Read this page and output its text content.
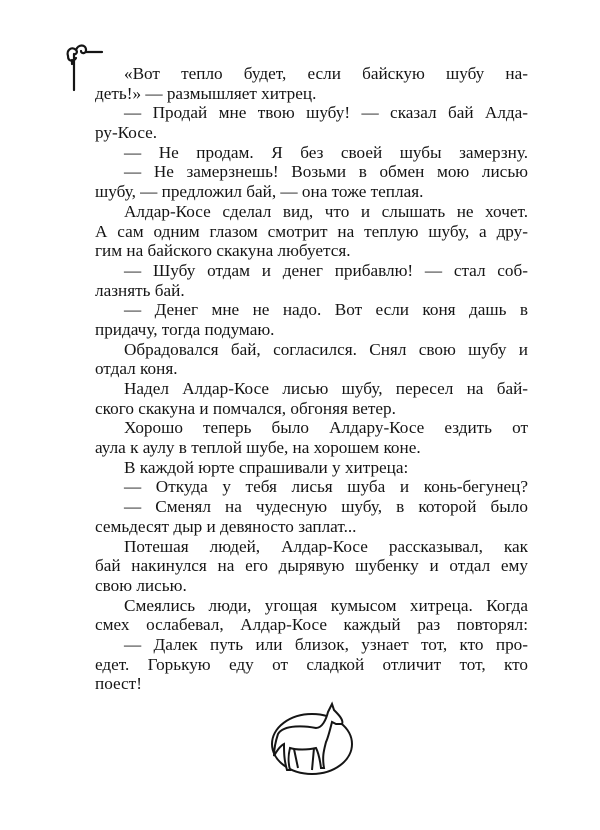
«Вот тепло будет, если байскую шубу на-
деть!» — размышляет хитрец.
— Продай мне твою шубу! — сказал бай Алда-
ру-Косе.
— Не продам. Я без своей шубы замерзну.
— Не замерзнешь! Возьми в обмен мою лисью
шубу, — предложил бай, — она тоже теплая.
Алдар-Косе сделал вид, что и слышать не хочет.
А сам одним глазом смотрит на теплую шубу, а дру-
гим на байского скакуна любуется.
— Шубу отдам и денег прибавлю! — стал соб-
лазнять бай.
— Денег мне не надо. Вот если коня дашь в
придачу, тогда подумаю.
Обрадовался бай, согласился. Снял свою шубу и
отдал коня.
Надел Алдар-Косе лисью шубу, пересел на бай-
ского скакуна и помчался, обгоняя ветер.
Хорошо теперь было Алдару-Косе ездить от
аула к аулу в теплой шубе, на хорошем коне.
В каждой юрте спрашивали у хитреца:
— Откуда у тебя лисья шуба и конь-бегунец?
— Сменял на чудесную шубу, в которой было
семьдесят дыр и девяносто заплат...
Потешая людей, Алдар-Косе рассказывал, как
бай накинулся на его дырявую шубенку и отдал ему
свою лисью.
Смеялись люди, угощая кумысом хитреца. Когда
смех ослабевал, Алдар-Косе каждый раз повторял:
— Далек путь или близок, узнает тот, кто про-
едет. Горькую еду от сладкой отличит тот, кто
поест!
